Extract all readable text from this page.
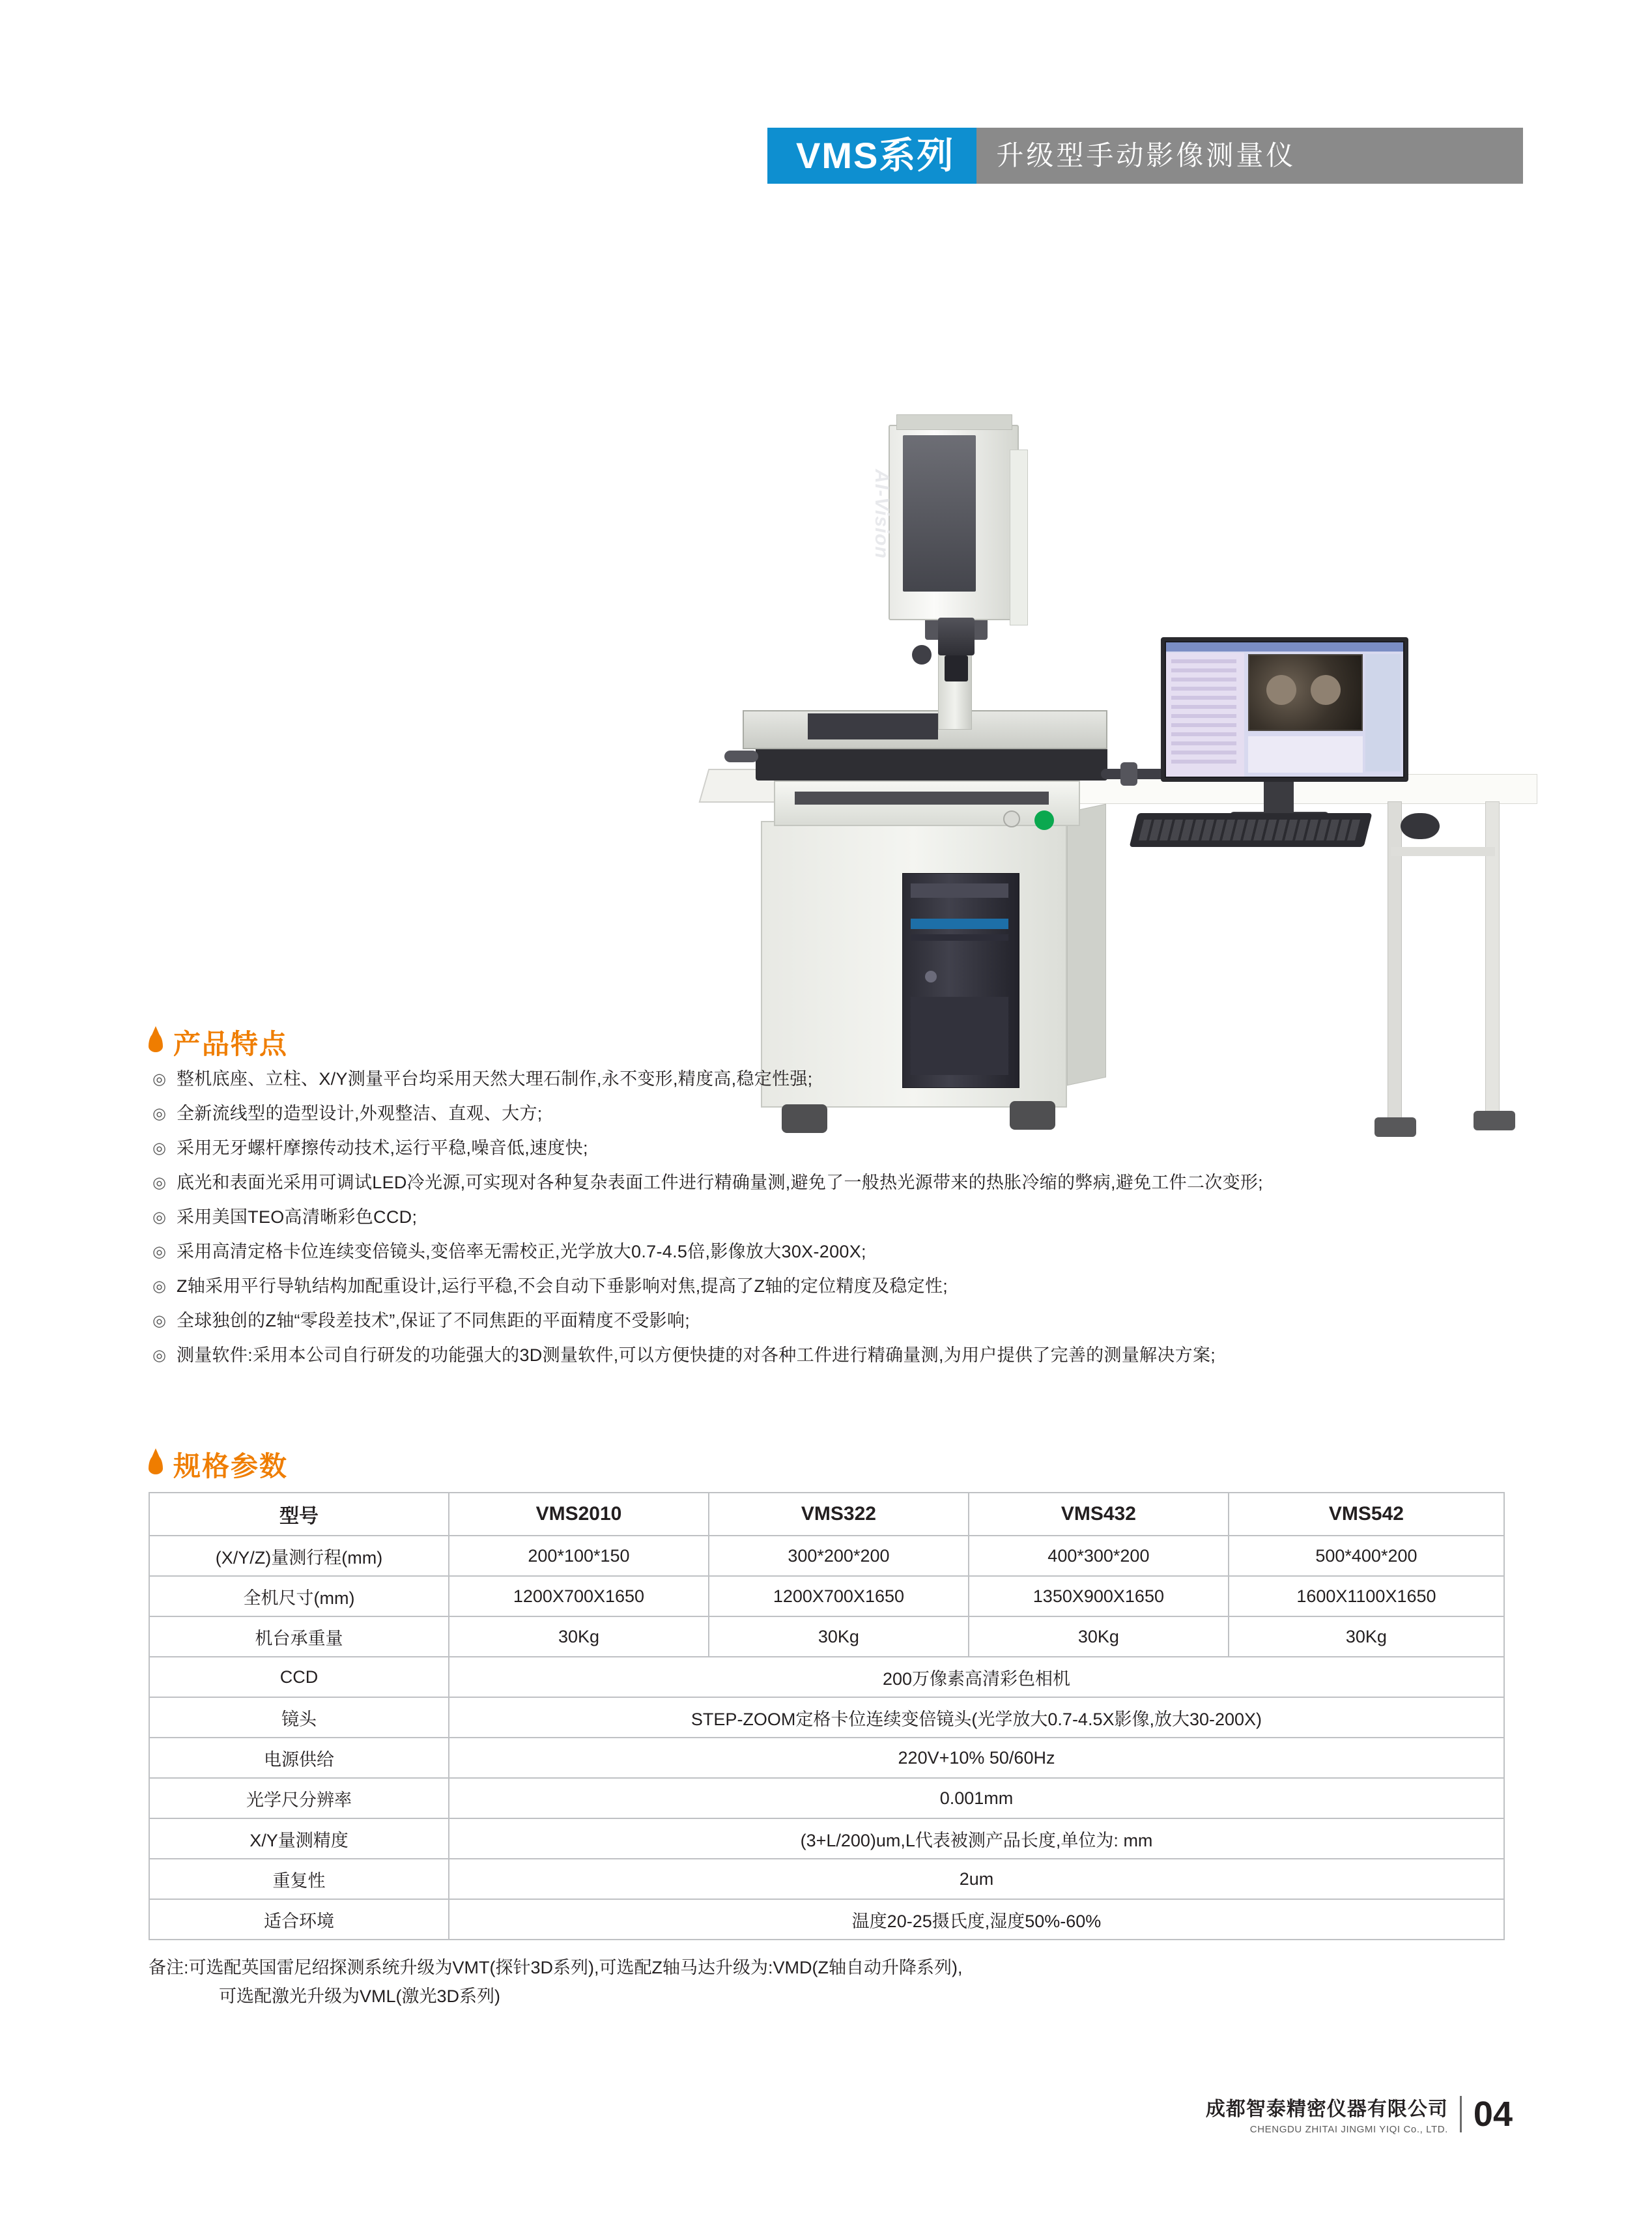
VMS系列	升级型手动影像测量仪
AI-Vision
产品特点
◎ 整机底座、立柱、X/Y测量平台均采用天然大理石制作,永不变形,精度高,稳定性强;
◎ 全新流线型的造型设计,外观整洁、直观、大方;
◎ 采用无牙螺杆摩擦传动技术,运行平稳,噪音低,速度快;
◎ 底光和表面光采用可调试LED冷光源,可实现对各种复杂表面工件进行精确量测,避免了一般热光源带来的热胀冷缩的弊病,避免工件二次变形;
◎ 采用美国TEO高清晰彩色CCD;
◎ 采用高清定格卡位连续变倍镜头,变倍率无需校正,光学放大0.7-4.5倍,影像放大30X-200X;
◎ Z轴采用平行导轨结构加配重设计,运行平稳,不会自动下垂影响对焦,提高了Z轴的定位精度及稳定性;
◎ 全球独创的Z轴“零段差技术”,保证了不同焦距的平面精度不受影响;
◎ 测量软件:采用本公司自行研发的功能强大的3D测量软件,可以方便快捷的对各种工件进行精确量测,为用户提供了完善的测量解决方案;
规格参数
型号	VMS2010	VMS322	VMS432	VMS542
(X/Y/Z)量测行程(mm)	200*100*150	300*200*200	400*300*200	500*400*200
全机尺寸(mm)	1200X700X1650	1200X700X1650	1350X900X1650	1600X1100X1650
机台承重量	30Kg	30Kg	30Kg	30Kg
CCD	200万像素高清彩色相机			
镜头	STEP-ZOOM定格卡位连续变倍镜头(光学放大0.7-4.5X影像,放大30-200X)			
电源供给	220V+10% 50/60Hz			
光学尺分辨率	0.001mm			
X/Y量测精度	(3+L/200)um,L代表被测产品长度,单位为: mm			
重复性	2um			
适合环境	温度20-25摄氏度,湿度50%-60%			
备注:可选配英国雷尼绍探测系统升级为VMT(探针3D系列),可选配Z轴马达升级为:VMD(Z轴自动升降系列),
可选配激光升级为VML(激光3D系列)
成都智泰精密仪器有限公司
CHENGDU ZHITAI JINGMI YIQI Co., LTD. 04
